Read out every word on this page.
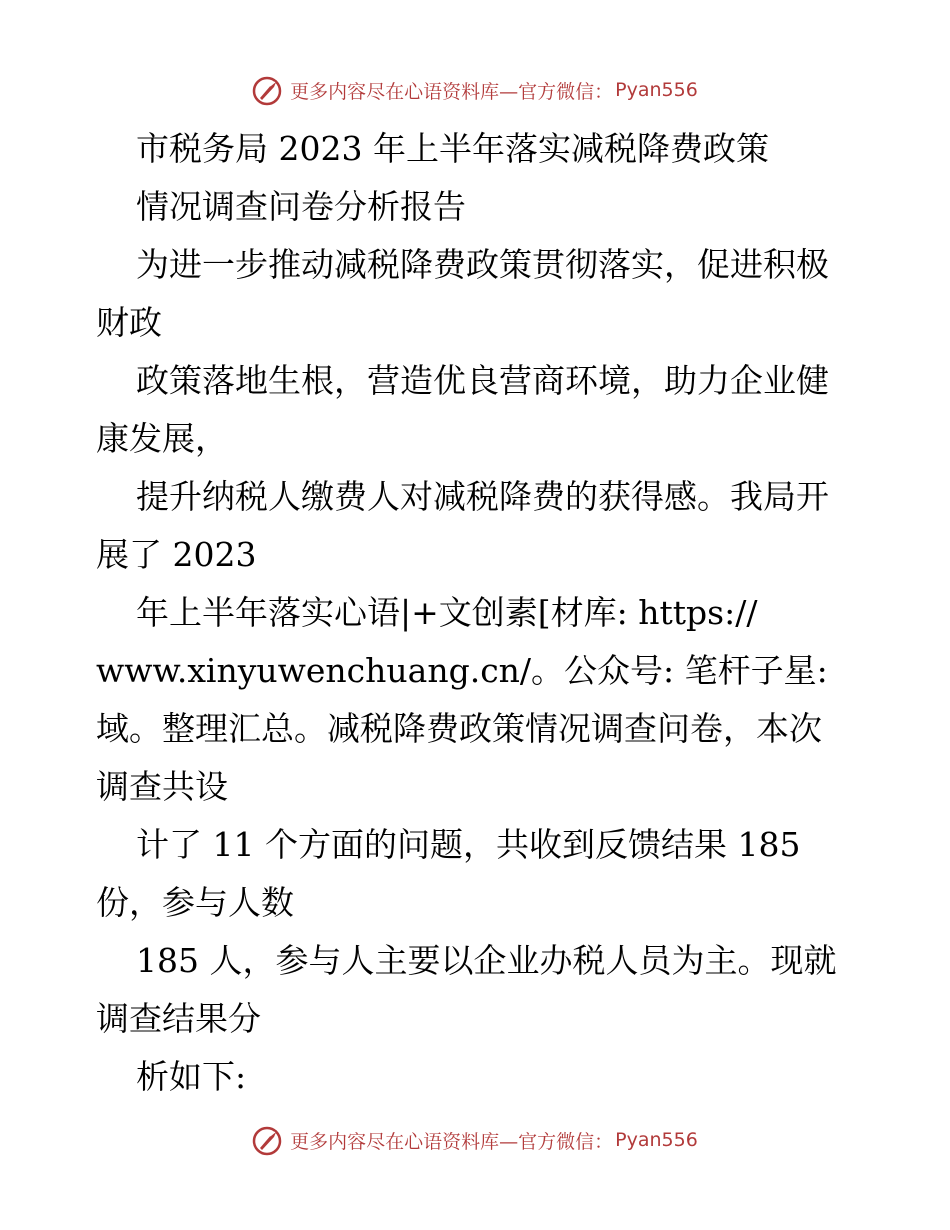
更多内容尽在心语资料库—官方微信： Pyan556

市税务局 2023 年上半年落实减税降费政策

情况调查问卷分析报告

为进一步推动减税降费政策贯彻落实，促进积极

财政

政策落地生根，营造优良营商环境，助力企业健

康发展，

提升纳税人缴费人对减税降费的获得感。我局开

展了 2023

年上半年落实心语|+文创素[材库: https://

www.xinyuwenchuang.cn/。公众号: 笔杆子星:

域。整理汇总。减税降费政策情况调查问卷，本次

调查共设

计了 11 个方面的问题，共收到反馈结果 185

份，参与人数

185 人，参与人主要以企业办税人员为主。现就

调查结果分

析如下:

更多内容尽在心语资料库—官方微信： Pyan556
